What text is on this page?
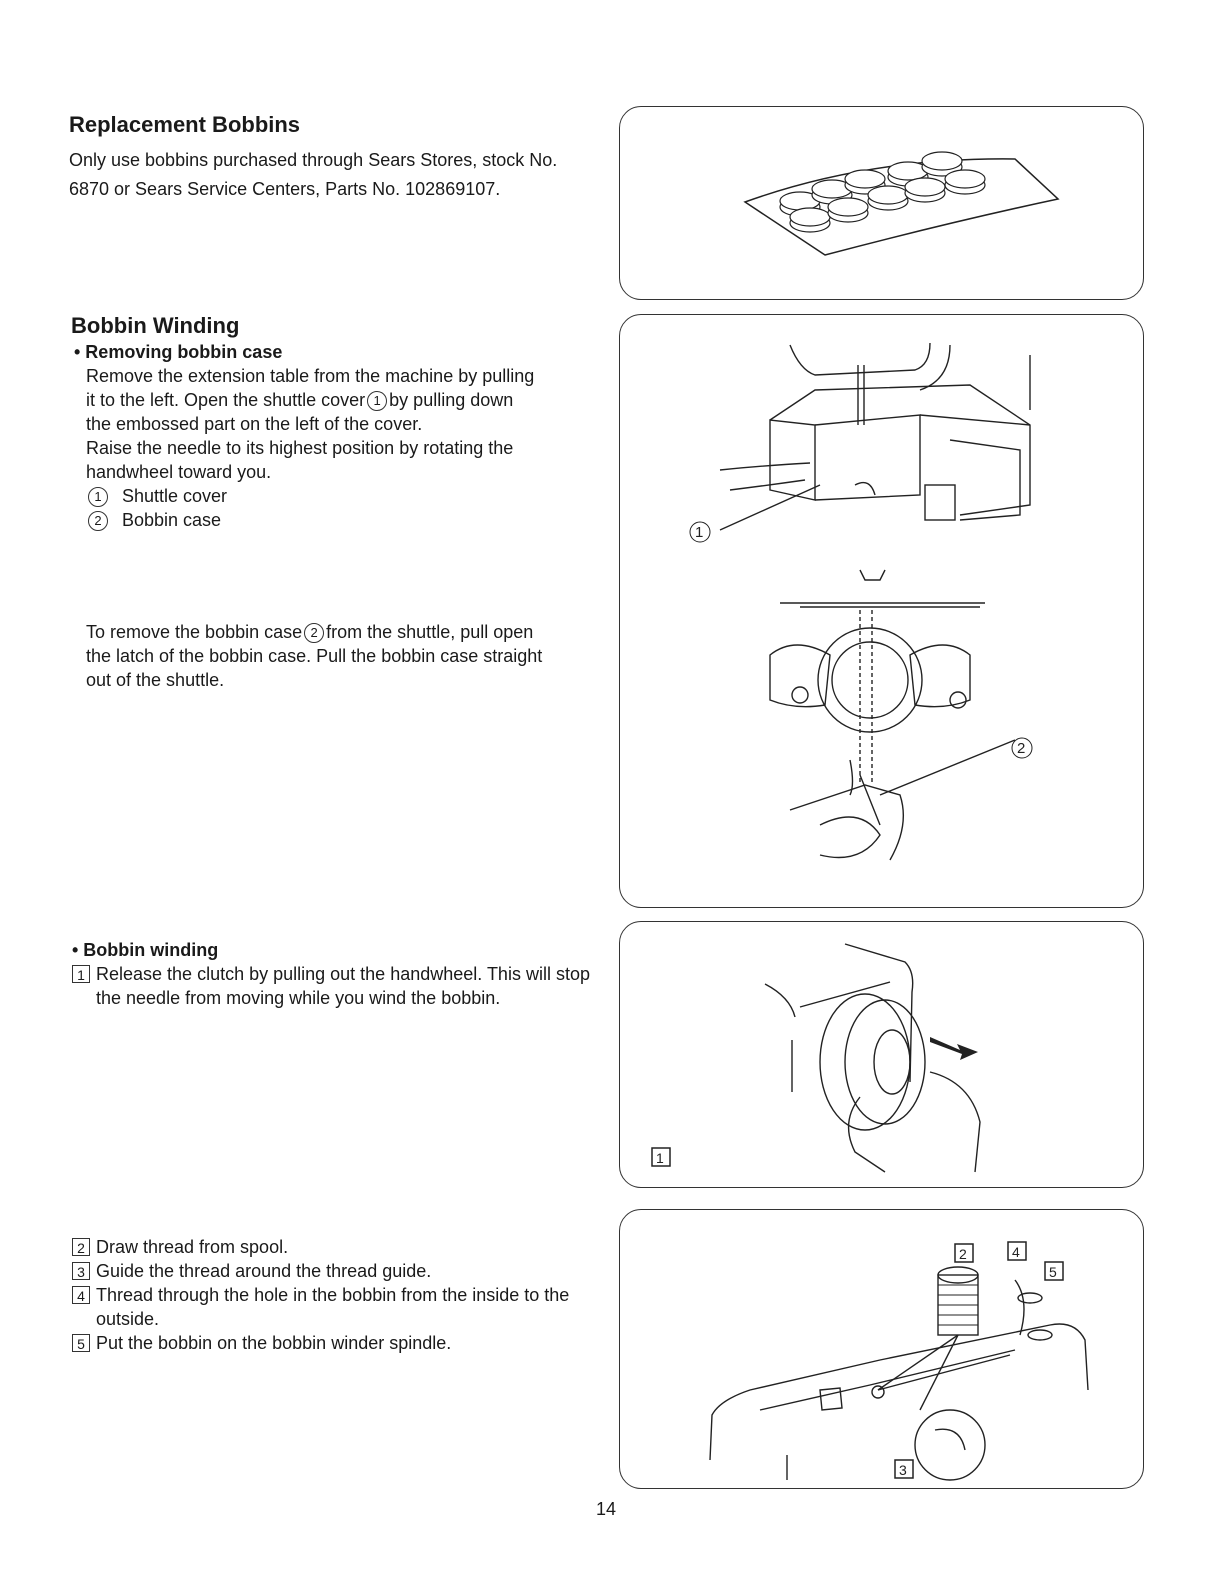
Replacement Bobbins
Only use bobbins purchased through Sears Stores, stock No.
6870 or Sears Service Centers, Parts No. 102869107.
Bobbin Winding
• Removing bobbin case
Remove the extension table from the machine by pulling
it to the left. Open the shuttle cover 1 by pulling down
the embossed part on the left of the cover.
Raise the needle to its highest position by rotating the
handwheel toward you.
1	Shuttle cover
2	Bobbin case
To remove the bobbin case 2 from the shuttle, pull open
the latch of the bobbin case. Pull the bobbin case straight
out of the shuttle.
• Bobbin winding
1 Release the clutch by pulling out the handwheel. This will stop the needle from moving while you wind the bobbin.
2 Draw thread from spool.
3 Guide the thread around the thread guide.
4 Thread through the hole in the bobbin from the inside to the outside.
5 Put the bobbin on the bobbin winder spindle.
1
2
1
2	4
5
3
14
